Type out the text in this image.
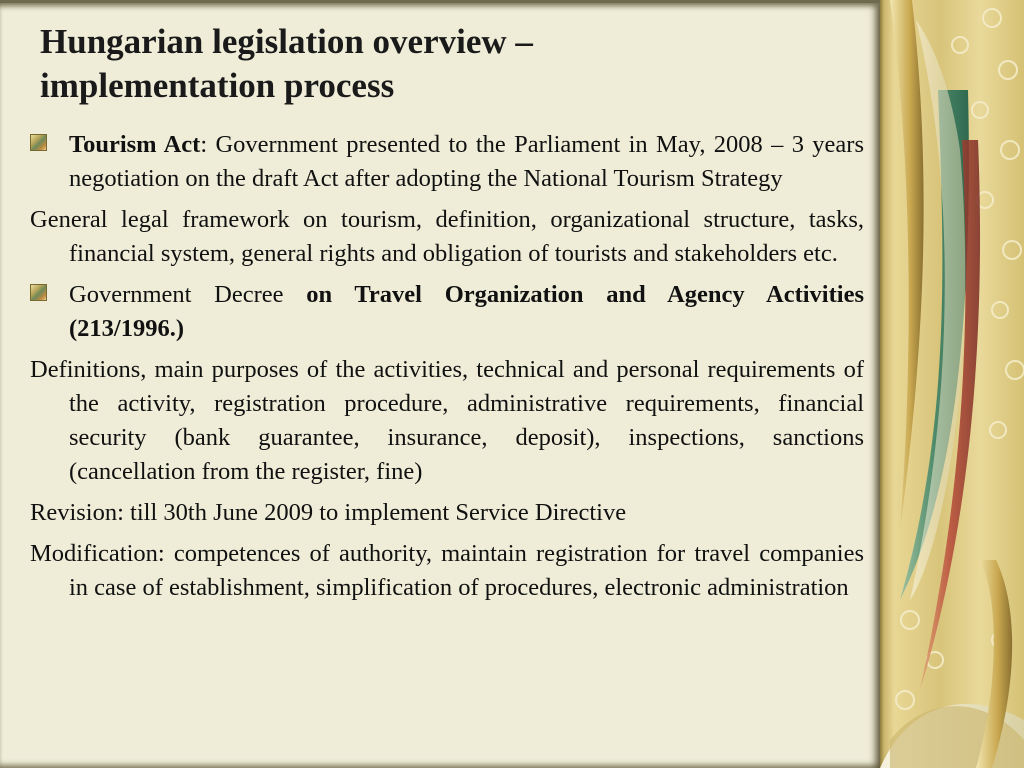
Hungarian legislation overview –
implementation process

Tourism Act: Government presented to the Parliament in May, 2008 – 3 years negotiation on the draft Act after adopting the National Tourism Strategy

General legal framework on tourism, definition, organizational structure, tasks, financial system, general rights and obligation of tourists and stakeholders etc.

Government Decree on Travel Organization and Agency Activities (213/1996.)

Definitions, main purposes of the activities, technical and personal requirements of the activity, registration procedure, administrative requirements, financial security (bank guarantee, insurance, deposit), inspections, sanctions (cancellation from the register, fine)

Revision: till 30th June 2009 to implement Service Directive

Modification: competences of authority, maintain registration for travel companies in case of establishment, simplification of procedures, electronic administration
